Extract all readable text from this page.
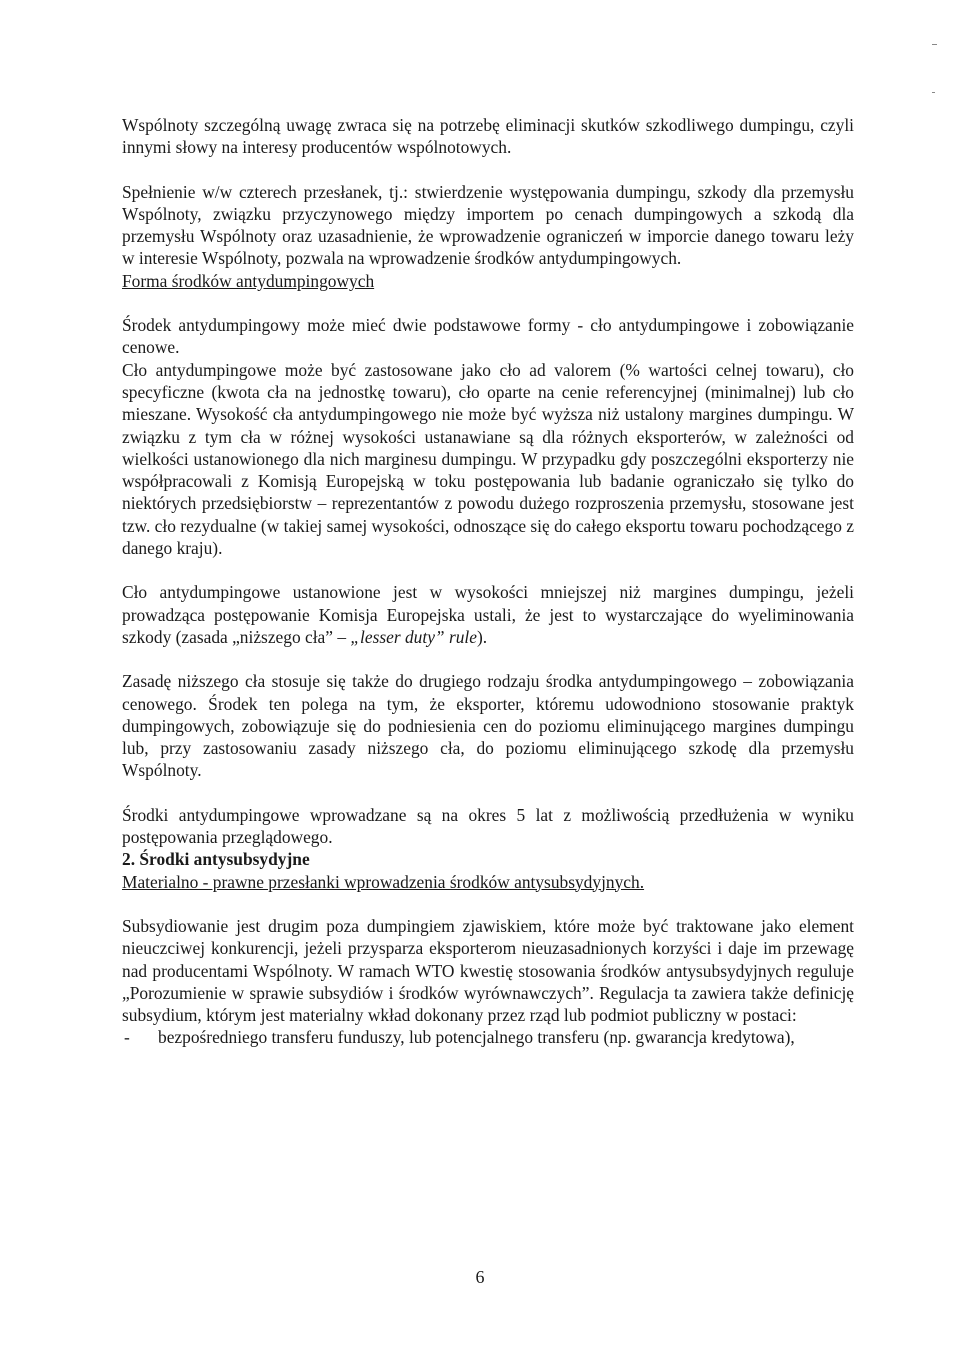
Wspólnoty szczególną uwagę zwraca się na potrzebę eliminacji skutków szkodliwego dumpingu, czyli innymi słowy na interesy producentów wspólnotowych.

Spełnienie w/w czterech przesłanek, tj.: stwierdzenie występowania dumpingu, szkody dla przemysłu Wspólnoty, związku przyczynowego między importem po cenach dumpingowych a szkodą dla przemysłu Wspólnoty oraz uzasadnienie, że wprowadzenie ograniczeń w imporcie danego towaru leży w interesie Wspólnoty, pozwala na wprowadzenie środków antydumpingowych.

Forma środków antydumpingowych

Środek antydumpingowy może mieć dwie podstawowe formy - cło antydumpingowe i zobowiązanie cenowe.

Cło antydumpingowe może być zastosowane jako cło ad valorem (% wartości celnej towaru), cło specyficzne (kwota cła na jednostkę towaru), cło oparte na cenie referencyjnej (minimalnej) lub cło mieszane. Wysokość cła antydumpingowego nie może być wyższa niż ustalony margines dumpingu. W związku z tym cła w różnej wysokości ustanawiane są dla różnych eksporterów, w zależności od wielkości ustanowionego dla nich marginesu dumpingu. W przypadku gdy poszczególni eksporterzy nie współpracowali z Komisją Europejską w toku postępowania lub badanie ograniczało się tylko do niektórych przedsiębiorstw – reprezentantów z powodu dużego rozproszenia przemysłu, stosowane jest tzw. cło rezydualne (w takiej samej wysokości, odnoszące się do całego eksportu towaru pochodzącego z danego kraju).

Cło antydumpingowe ustanowione jest w wysokości mniejszej niż margines dumpingu, jeżeli prowadząca postępowanie Komisja Europejska ustali, że jest to wystarczające do wyeliminowania szkody (zasada „niższego cła” – „lesser duty” rule).

Zasadę niższego cła stosuje się także do drugiego rodzaju środka antydumpingowego – zobowiązania cenowego. Środek ten polega na tym, że eksporter, któremu udowodniono stosowanie praktyk dumpingowych, zobowiązuje się do podniesienia cen do poziomu eliminującego margines dumpingu lub, przy zastosowaniu zasady niższego cła, do poziomu eliminującego szkodę dla przemysłu Wspólnoty.

Środki antydumpingowe wprowadzane są na okres 5 lat z możliwością przedłużenia w wyniku postępowania przeglądowego.

2. Środki antysubsydyjne

Materialno - prawne przesłanki wprowadzenia środków antysubsydyjnych.

Subsydiowanie jest drugim poza dumpingiem zjawiskiem, które może być traktowane jako element nieuczciwej konkurencji, jeżeli przysparza eksporterom nieuzasadnionych korzyści i daje im przewagę nad producentami Wspólnoty. W ramach WTO kwestię stosowania środków antysubsydyjnych reguluje „Porozumienie w sprawie subsydiów i środków wyrównawczych”. Regulacja ta zawiera także definicję subsydium, którym jest materialny wkład dokonany przez rząd lub podmiot publiczny w postaci:

- bezpośredniego transferu funduszy, lub potencjalnego transferu (np. gwarancja kredytowa),
6
